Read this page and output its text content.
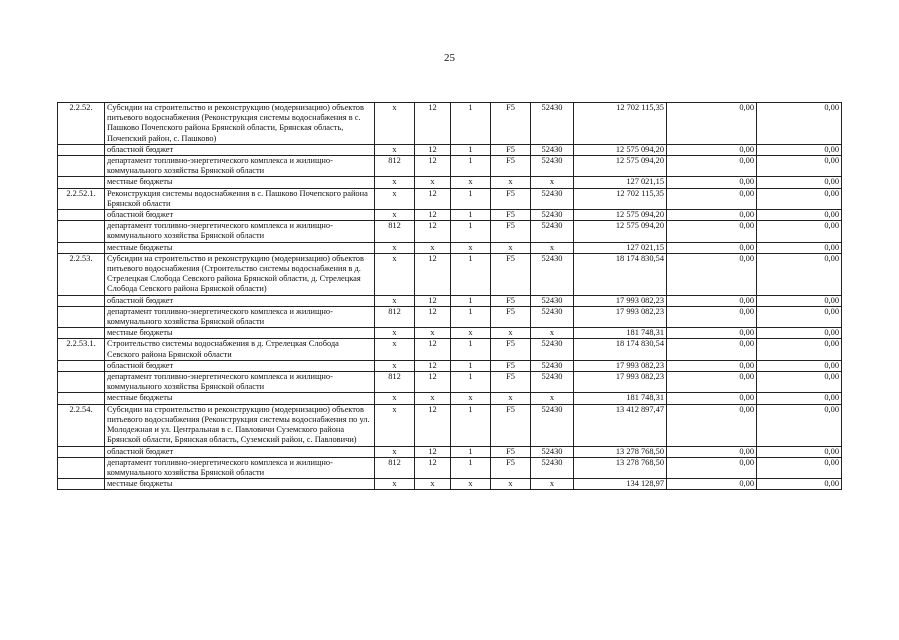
25
2.2.52.	Субсидии на строительство и реконструкцию (модернизацию) объектов питьевого водоснабжения (Реконструкция системы водоснабжения в с. Пашково Почепского района Брянской области, Брянская область, Почепский район, с. Пашково)	x	12	1	F5	52430	12 702 115,35	0,00	0,00
	областной бюджет	x	12	1	F5	52430	12 575 094,20	0,00	0,00
	департамент топливно-энергетического комплекса и жилищно-коммунального хозяйства Брянской области	812	12	1	F5	52430	12 575 094,20	0,00	0,00
	местные бюджеты	x	x	x	x	x	127 021,15	0,00	0,00
2.2.52.1.	Реконструкция системы водоснабжения в с. Пашково Почепского района Брянской области	x	12	1	F5	52430	12 702 115,35	0,00	0,00
	областной бюджет	x	12	1	F5	52430	12 575 094,20	0,00	0,00
	департамент топливно-энергетического комплекса и жилищно-коммунального хозяйства Брянской области	812	12	1	F5	52430	12 575 094,20	0,00	0,00
	местные бюджеты	x	x	x	x	x	127 021,15	0,00	0,00
2.2.53.	Субсидии на строительство и реконструкцию (модернизацию) объектов питьевого водоснабжения (Строительство системы водоснабжения в д. Стрелецкая Слобода Севского района Брянской области, д. Стрелецкая Слобода Севского района Брянской области)	x	12	1	F5	52430	18 174 830,54	0,00	0,00
	областной бюджет	x	12	1	F5	52430	17 993 082,23	0,00	0,00
	департамент топливно-энергетического комплекса и жилищно-коммунального хозяйства Брянской области	812	12	1	F5	52430	17 993 082,23	0,00	0,00
	местные бюджеты	x	x	x	x	x	181 748,31	0,00	0,00
2.2.53.1.	Строительство системы водоснабжения в д. Стрелецкая Слобода Севского района Брянской области	x	12	1	F5	52430	18 174 830,54	0,00	0,00
	областной бюджет	x	12	1	F5	52430	17 993 082,23	0,00	0,00
	департамент топливно-энергетического комплекса и жилищно-коммунального хозяйства Брянской области	812	12	1	F5	52430	17 993 082,23	0,00	0,00
	местные бюджеты	x	x	x	x	x	181 748,31	0,00	0,00
2.2.54.	Субсидии на строительство и реконструкцию (модернизацию) объектов питьевого водоснабжения (Реконструкция системы водоснабжения по ул. Молодежная и ул. Центральная в с. Павловичи Суземского района Брянской области, Брянская область, Суземский район, с. Павловичи)	x	12	1	F5	52430	13 412 897,47	0,00	0,00
	областной бюджет	x	12	1	F5	52430	13 278 768,50	0,00	0,00
	департамент топливно-энергетического комплекса и жилищно-коммунального хозяйства Брянской области	812	12	1	F5	52430	13 278 768,50	0,00	0,00
	местные бюджеты	x	x	x	x	x	134 128,97	0,00	0,00
